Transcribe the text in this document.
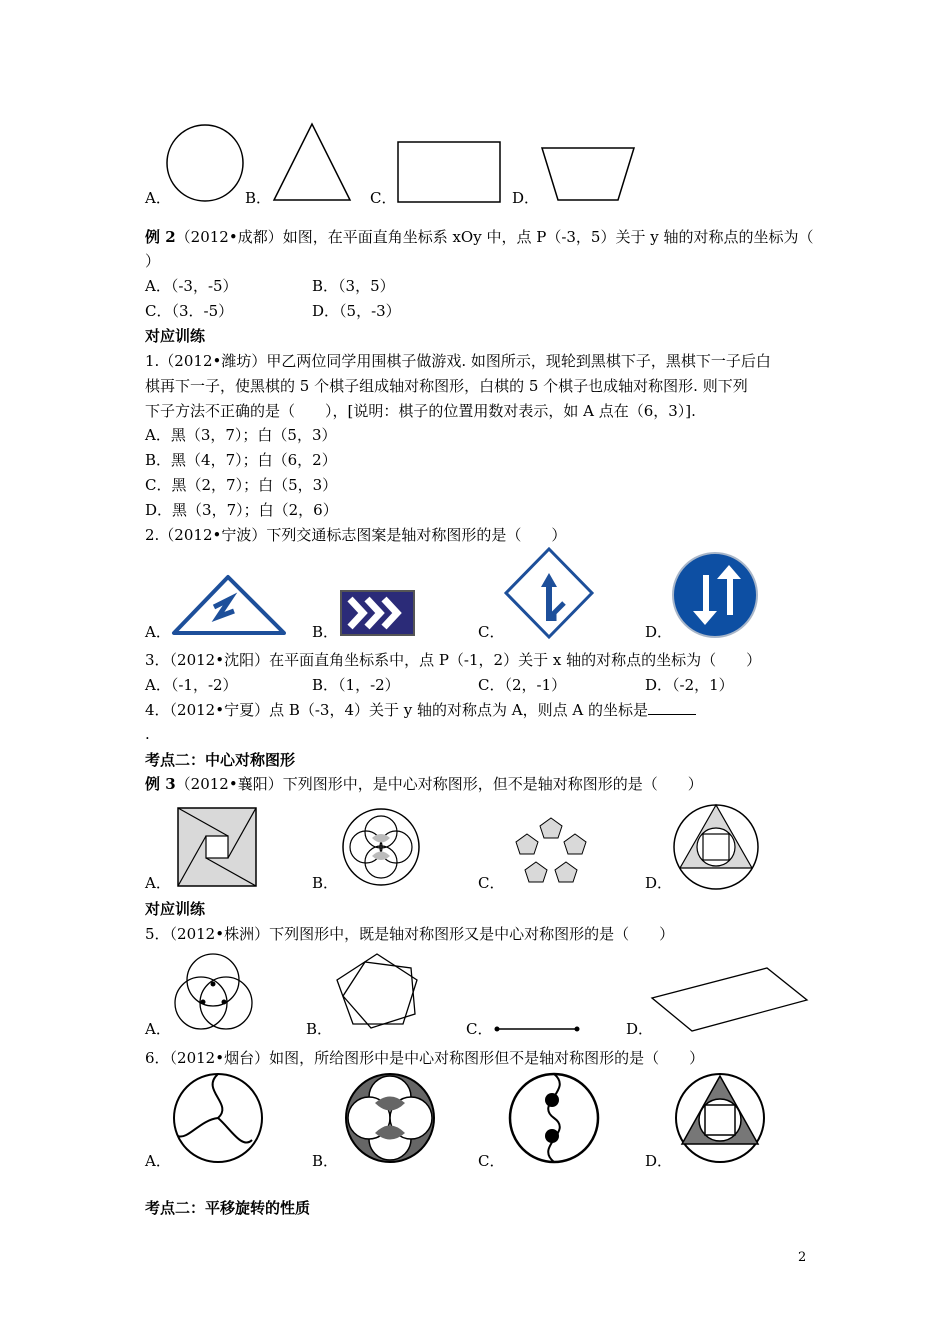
A．	B．	C．	D．
例 2（2012•成都）如图，在平面直角坐标系 xOy 中，点 P（-3，5）关于 y 轴的对称点的坐标为（
）
A．（-3，-5）	B．（3，5）
C．（3．-5）	D．（5，-3）
对应训练
1.（2012•潍坊）甲乙两位同学用围棋子做游戏. 如图所示，现轮到黑棋下子，黑棋下一子后白
棋再下一子，使黑棋的 5 个棋子组成轴对称图形，白棋的 5 个棋子也成轴对称图形. 则下列
下子方法不正确的是（　　），[说明：棋子的位置用数对表示，如 A 点在（6，3）].
A．黑（3，7）；白（5，3）
B．黑（4，7）；白（6，2）
C．黑（2，7）；白（5，3）
D．黑（3，7）；白（2，6）
2.（2012•宁波）下列交通标志图案是轴对称图形的是（　　）
A．	B．	C．	D．
3．（2012•沈阳）在平面直角坐标系中，点 P（-1，2）关于 x 轴的对称点的坐标为（　　）
A．（-1，-2）	B．（1，-2）	C．（2，-1）	D．（-2，1）
4．（2012•宁夏）点 B（-3，4）关于 y 轴的对称点为 A，则点 A 的坐标是
.
考点二：中心对称图形
例 3（2012•襄阳）下列图形中，是中心对称图形，但不是轴对称图形的是（　　）
A．	B．	C．	D．
对应训练
5．（2012•株洲）下列图形中，既是轴对称图形又是中心对称图形的是（　　）
A．	B．	C．	D．
6．（2012•烟台）如图，所给图形中是中心对称图形但不是轴对称图形的是（　　）
A．	B．	C．	D．
考点二：平移旋转的性质
2
